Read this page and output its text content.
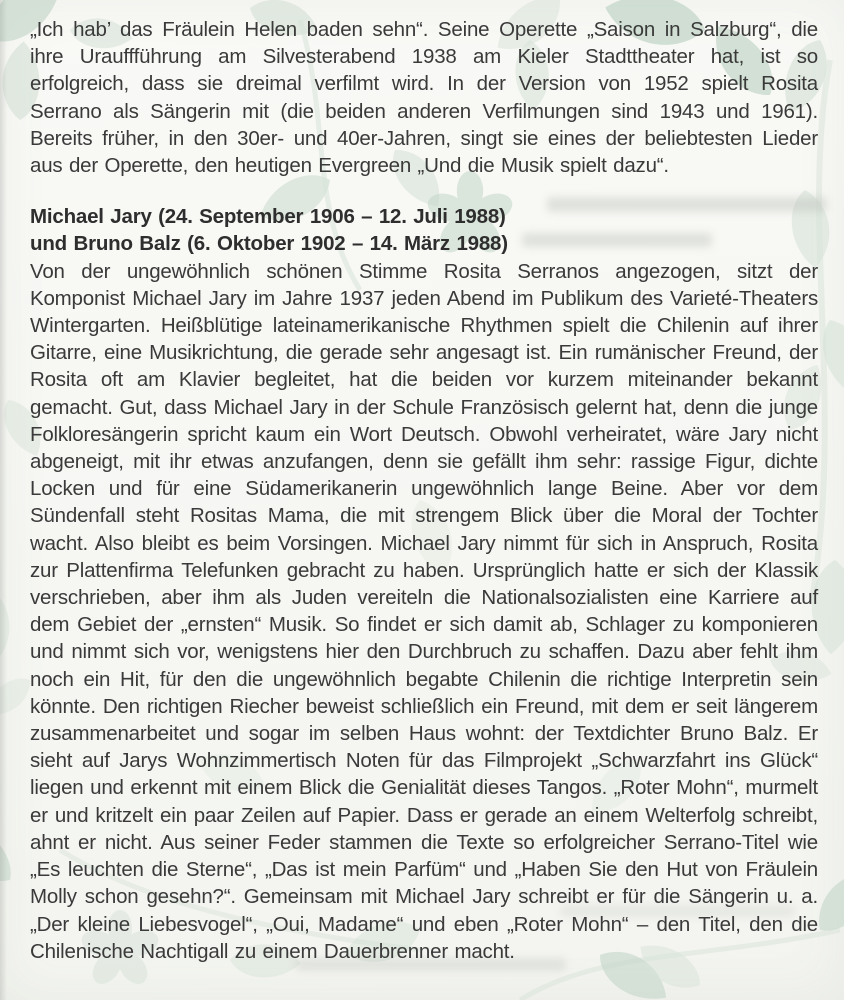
„Ich hab’ das Fräulein Helen baden sehn“. Seine Operette „Saison in Salzburg“, die ihre Urauffführung am Silvesterabend 1938 am Kieler Stadttheater hat, ist so erfolgreich, dass sie dreimal verfilmt wird. In der Version von 1952 spielt Rosita Serrano als Sängerin mit (die beiden anderen Verfilmungen sind 1943 und 1961). Bereits früher, in den 30er- und 40er-Jahren, singt sie eines der beliebtesten Lieder aus der Operette, den heutigen Evergreen „Und die Musik spielt dazu“.

Michael Jary (24. September 1906 – 12. Juli 1988)
und Bruno Balz (6. Oktober 1902 – 14. März 1988)

Von der ungewöhnlich schönen Stimme Rosita Serranos angezogen, sitzt der Komponist Michael Jary im Jahre 1937 jeden Abend im Publikum des Varieté-Theaters Wintergarten. Heißblütige lateinamerikanische Rhythmen spielt die Chilenin auf ihrer Gitarre, eine Musikrichtung, die gerade sehr angesagt ist. Ein rumänischer Freund, der Rosita oft am Klavier begleitet, hat die beiden vor kurzem miteinander bekannt gemacht. Gut, dass Michael Jary in der Schule Französisch gelernt hat, denn die junge Folkloresängerin spricht kaum ein Wort Deutsch. Obwohl verheiratet, wäre Jary nicht abgeneigt, mit ihr etwas anzufangen, denn sie gefällt ihm sehr: rassige Figur, dichte Locken und für eine Südamerikanerin ungewöhnlich lange Beine. Aber vor dem Sündenfall steht Rositas Mama, die mit strengem Blick über die Moral der Tochter wacht. Also bleibt es beim Vorsingen. Michael Jary nimmt für sich in Anspruch, Rosita zur Plattenfirma Telefunken gebracht zu haben. Ursprünglich hatte er sich der Klassik verschrieben, aber ihm als Juden vereiteln die Nationalsozialisten eine Karriere auf dem Gebiet der „ernsten“ Musik. So findet er sich damit ab, Schlager zu komponieren und nimmt sich vor, wenigstens hier den Durchbruch zu schaffen. Dazu aber fehlt ihm noch ein Hit, für den die ungewöhnlich begabte Chilenin die richtige Interpretin sein könnte. Den richtigen Riecher beweist schließlich ein Freund, mit dem er seit längerem zusammenarbeitet und sogar im selben Haus wohnt: der Textdichter Bruno Balz. Er sieht auf Jarys Wohnzimmertisch Noten für das Filmprojekt „Schwarzfahrt ins Glück“ liegen und erkennt mit einem Blick die Genialität dieses Tangos. „Roter Mohn“, murmelt er und kritzelt ein paar Zeilen auf Papier. Dass er gerade an einem Welterfolg schreibt, ahnt er nicht. Aus seiner Feder stammen die Texte so erfolgreicher Serrano-Titel wie „Es leuchten die Sterne“, „Das ist mein Parfüm“ und „Haben Sie den Hut von Fräulein Molly schon gesehn?“. Gemeinsam mit Michael Jary schreibt er für die Sängerin u. a. „Der kleine Liebesvogel“, „Oui, Madame“ und eben „Roter Mohn“ – den Titel, den die Chilenische Nachtigall zu einem Dauerbrenner macht.
